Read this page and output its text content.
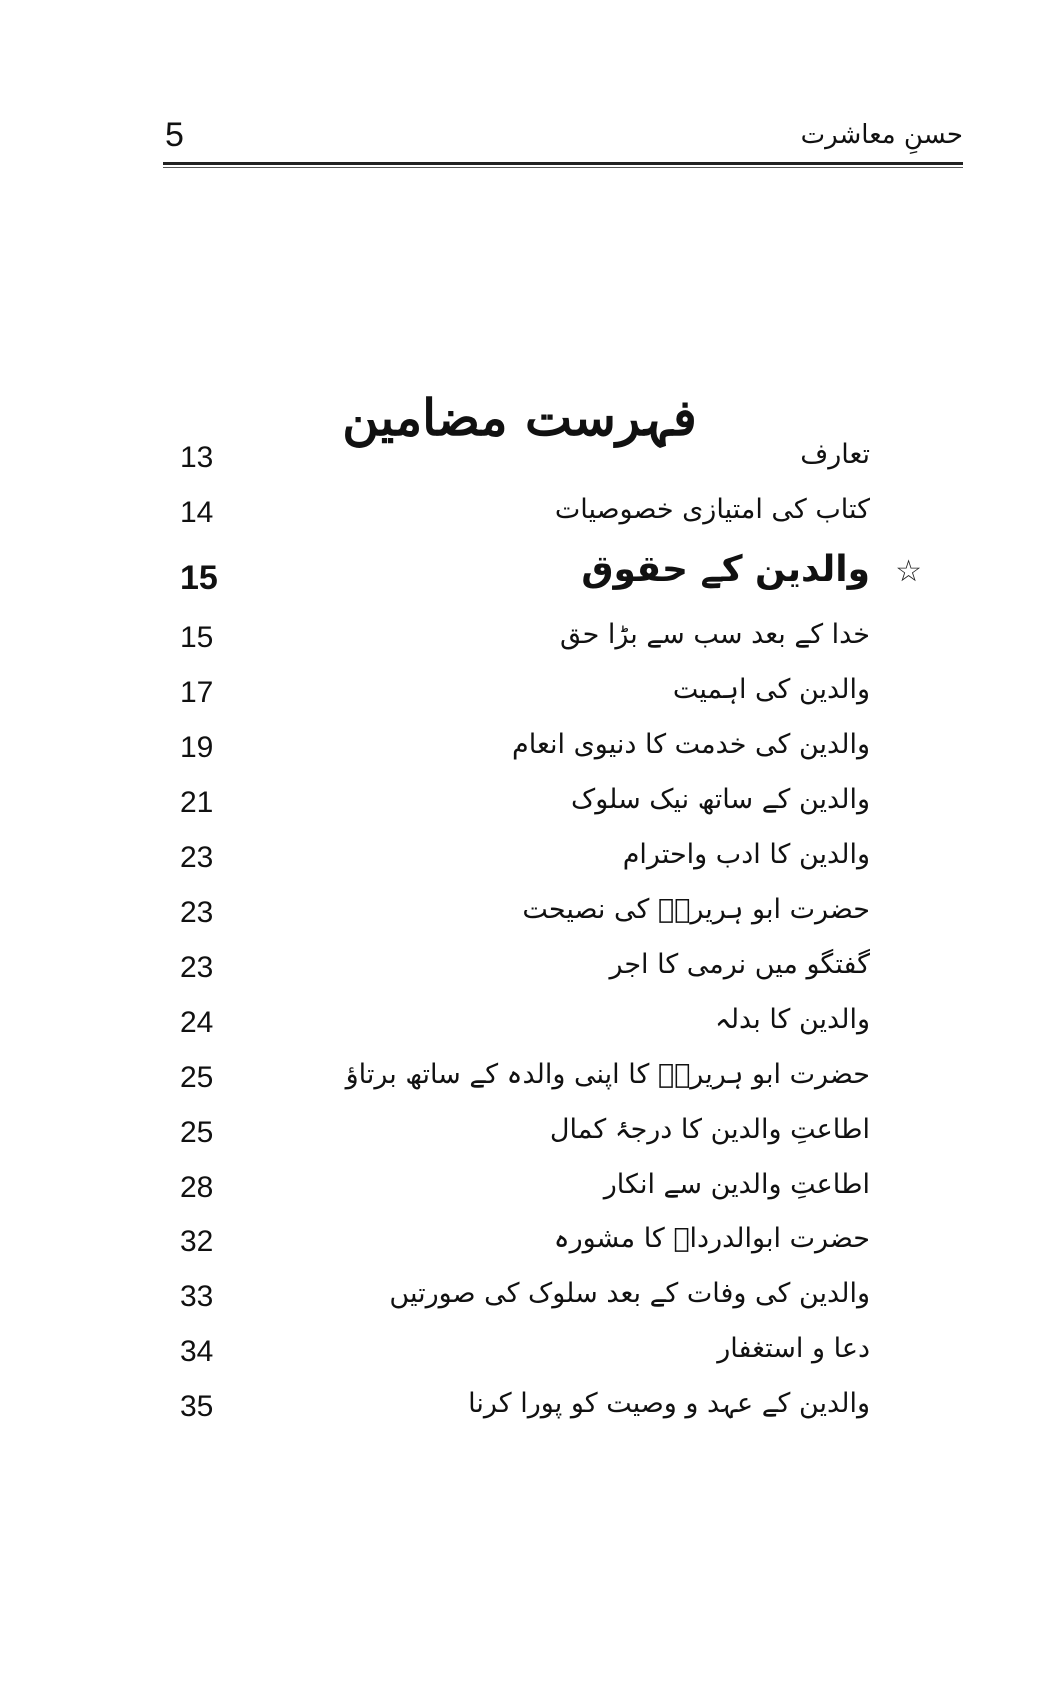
5	حسنِ معاشرت
فہرست مضامین
13	تعارف
14	کتاب کی امتیازی خصوصیات
15	والدین کے حقوق ☆
15	خدا کے بعد سب سے بڑا حق
17	والدین کی اہمیت
19	والدین کی خدمت کا دنیوی انعام
21	والدین کے ساتھ نیک سلوک
23	والدین کا ادب واحترام
23	حضرت ابو ہریرہؓ کی نصیحت
23	گفتگو میں نرمی کا اجر
24	والدین کا بدلہ
25	حضرت ابو ہریرہؓ کا اپنی والدہ کے ساتھ برتاؤ
25	اطاعتِ والدین کا درجۂ کمال
28	اطاعتِ والدین سے انکار
32	حضرت ابوالدرداؓ کا مشورہ
33	والدین کی وفات کے بعد سلوک کی صورتیں
34	دعا و استغفار
35	والدین کے عہد و وصیت کو پورا کرنا
